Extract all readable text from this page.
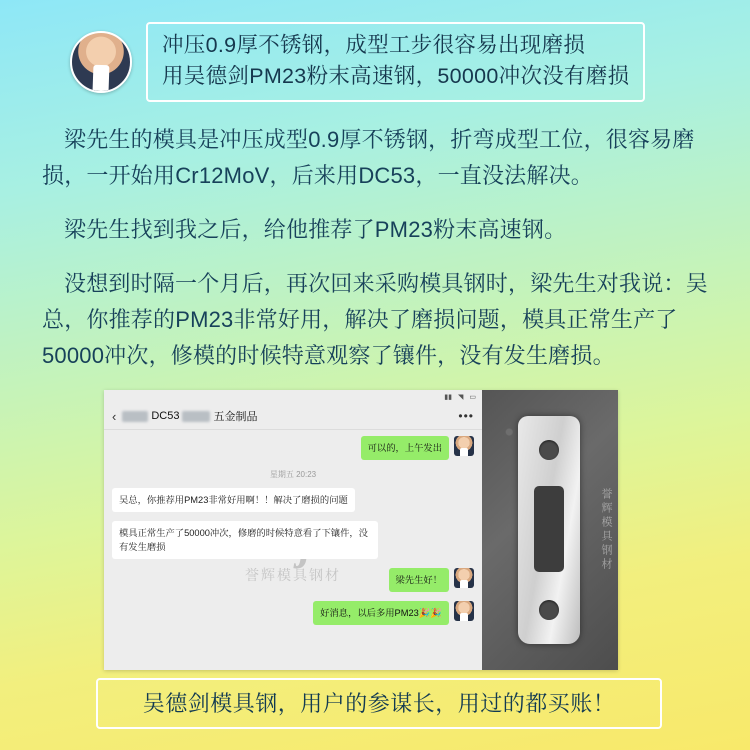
冲压0.9厚不锈钢，成型工步很容易出现磨损
用吴德剑PM23粉末高速钢，50000冲次没有磨损
梁先生的模具是冲压成型0.9厚不锈钢，折弯成型工位，很容易磨损，一开始用Cr12MoV，后来用DC53，一直没法解决。
梁先生找到我之后，给他推荐了PM23粉末高速钢。
没想到时隔一个月后，再次回来采购模具钢时，梁先生对我说：吴总，你推荐的PM23非常好用，解决了磨损问题，模具正常生产了50000冲次，修模的时候特意观察了镶件，没有发生磨损。
▮▮ ◥ ▭
‹	DC53	五金制品	•••
誉辉模具钢材
可以的，上午发出
星期五 20:23
吴总，你推荐用PM23非常好用啊！！解决了磨损的问题
模具正常生产了50000冲次，修磨的时候特意看了下镶件，没有发生磨损
梁先生好！
好消息，以后多用PM23🎉🎉
誉辉模具钢材
吴德剑模具钢，用户的参谋长，用过的都买账！
